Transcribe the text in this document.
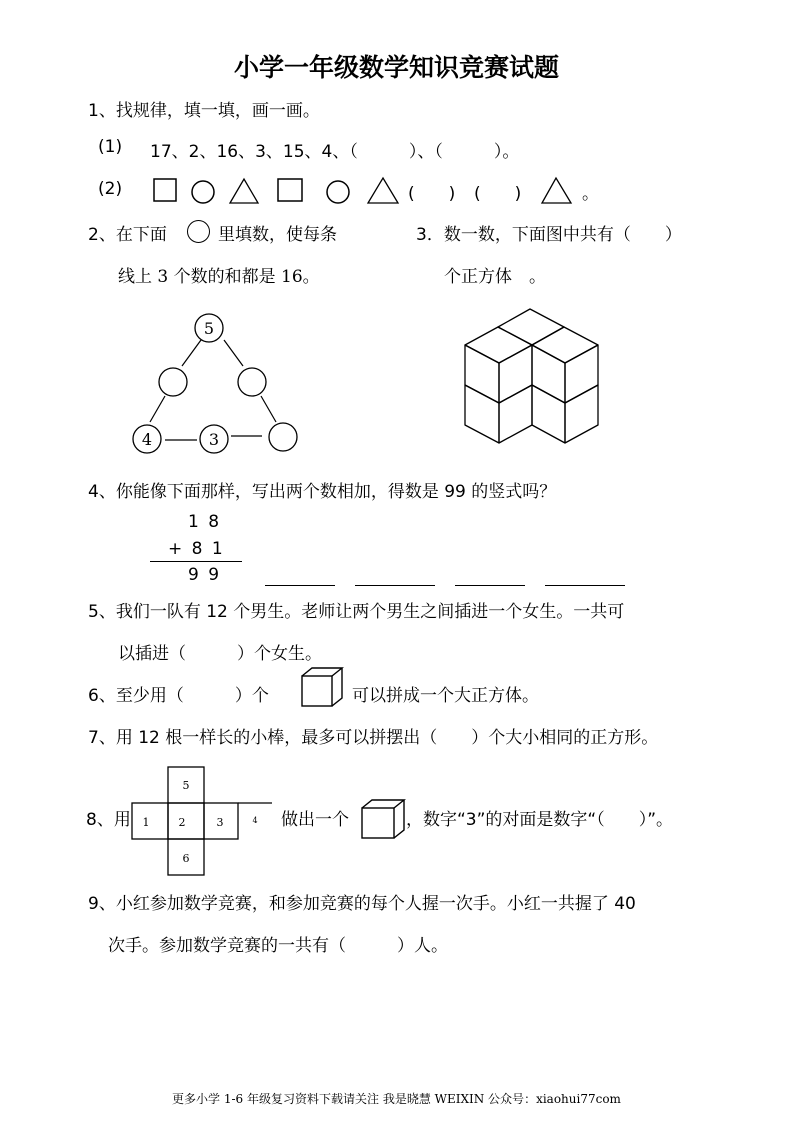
小学一年级数学知识竞赛试题
1、找规律，填一填，画一画。
(1) 17、2、16、3、15、4、（　　　）、（　　　）。
(2)	(　　) (　　)	。
2、在下面	里填数，使每条
线上 3 个数的和都是 16。
3．数一数，下面图中共有（　　）
个正方体　。
5
4	3
4、你能像下面那样，写出两个数相加，得数是 99 的竖式吗？
1 8
+ 8 1
9 9
5、我们一队有 12 个男生。老师让两个男生之间插进一个女生。一共可
以插进（　　　）个女生。
6、至少用（　　　）个	可以拼成一个大正方体。
7、用 12 根一样长的小棒，最多可以拼摆出（　　）个大小相同的正方形。
8、用
5
1	2	3	4
6
做出一个	，数字“3”的对面是数字“（　　）”。
9、小红参加数学竞赛，和参加竞赛的每个人握一次手。小红一共握了 40
次手。参加数学竞赛的一共有（　　　）人。
更多小学 1-6 年级复习资料下载请关注 我是晓慧 WEIXIN 公众号：xiaohui77com
